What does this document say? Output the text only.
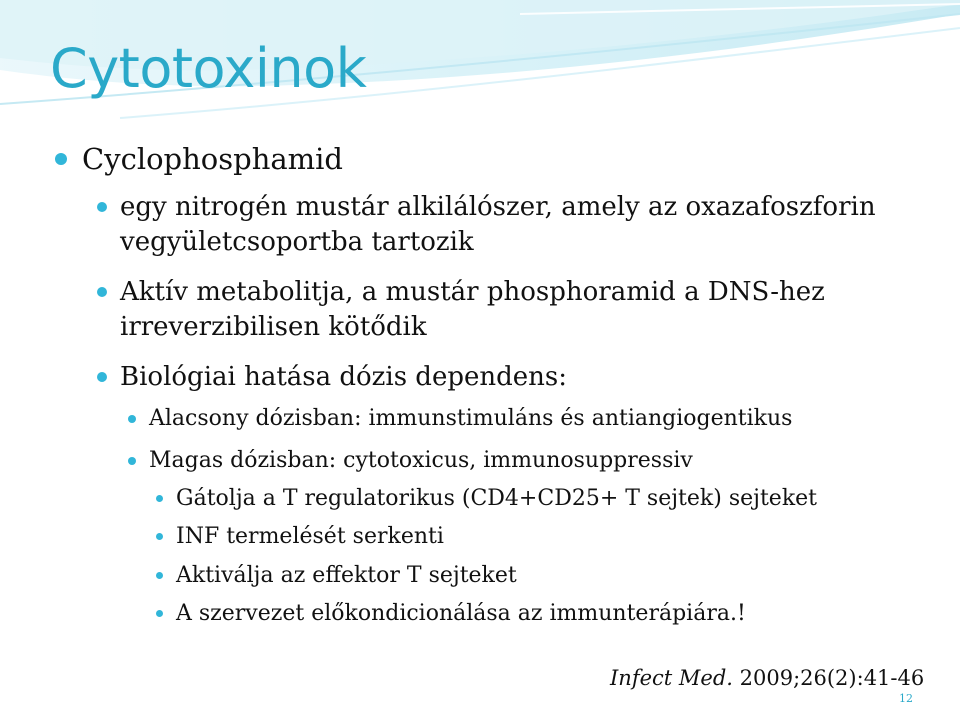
Cytotoxinok
Cyclophosphamid
egy nitrogén mustár alkilálószer, amely az oxazafoszforin vegyületcsoportba tartozik
Aktív metabolitja, a mustár phosphoramid a DNS-hez irreverzibilisen kötődik
Biológiai hatása dózis dependens:
Alacsony dózisban: immunstimuláns és antiangiogentikus
Magas dózisban: cytotoxicus, immunosuppressiv
Gátolja a T regulatorikus (CD4+CD25+ T sejtek) sejteket
INF termelését serkenti
Aktiválja az effektor T sejteket
A szervezet előkondicionálása az immunterápiára.!
Infect Med. 2009;26(2):41-46
12
